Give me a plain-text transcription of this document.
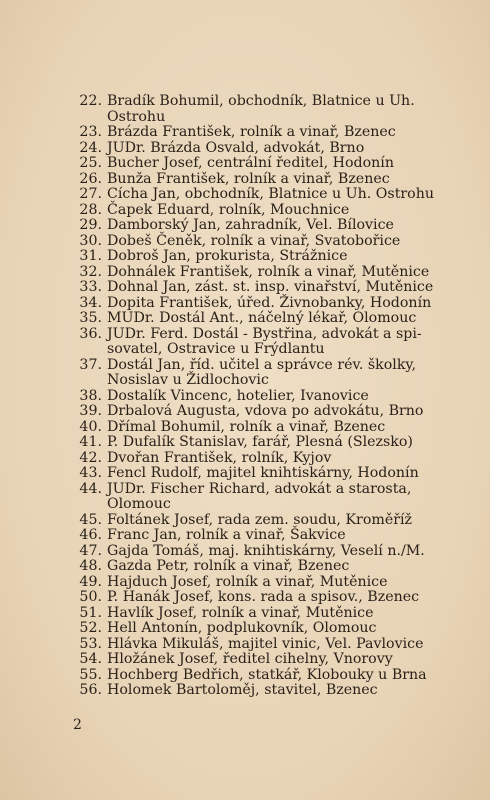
22. Bradík Bohumil, obchodník, Blatnice u Uh.
Ostrohu
23. Brázda František, rolník a vinař, Bzenec
24. JUDr. Brázda Osvald, advokát, Brno
25. Bucher Josef, centrální ředitel, Hodonín
26. Bunža František, rolník a vinař, Bzenec
27. Cícha Jan, obchodník, Blatnice u Uh. Ostrohu
28. Čapek Eduard, rolník, Mouchnice
29. Damborský Jan, zahradník, Vel. Bílovice
30. Dobeš Čeněk, rolník a vinař, Svatobořice
31. Dobroš Jan, prokurista, Strážnice
32. Dohnálek František, rolník a vinař, Mutěnice
33. Dohnal Jan, zást. st. insp. vinařství, Mutěnice
34. Dopita František, úřed. Živnobanky, Hodonín
35. MUDr. Dostál Ant., náčelný lékař, Olomouc
36. JUDr. Ferd. Dostál - Bystřina, advokát a spi-
sovatel, Ostravice u Frýdlantu
37. Dostál Jan, říd. učitel a správce rév. školky,
Nosislav u Židlochovic
38. Dostalík Vincenc, hotelier, Ivanovice
39. Drbalová Augusta, vdova po advokátu, Brno
40. Dřímal Bohumil, rolník a vinař, Bzenec
41. P. Dufalík Stanislav, farář, Plesná (Slezsko)
42. Dvořan František, rolník, Kyjov
43. Fencl Rudolf, majitel knihtiskárny, Hodonín
44. JUDr. Fischer Richard, advokát a starosta,
Olomouc
45. Foltánek Josef, rada zem. soudu, Kroměříž
46. Franc Jan, rolník a vinař, Šakvice
47. Gajda Tomáš, maj. knihtiskárny, Veselí n./M.
48. Gazda Petr, rolník a vinař, Bzenec
49. Hajduch Josef, rolník a vinař, Mutěnice
50. P. Hanák Josef, kons. rada a spisov., Bzenec
51. Havlík Josef, rolník a vinař, Mutěnice
52. Hell Antonín, podplukovník, Olomouc
53. Hlávka Mikuláš, majitel vinic, Vel. Pavlovice
54. Hložánek Josef, ředitel cihelny, Vnorovy
55. Hochberg Bedřich, statkář, Klobouky u Brna
56. Holomek Bartoloměj, stavitel, Bzenec
2
